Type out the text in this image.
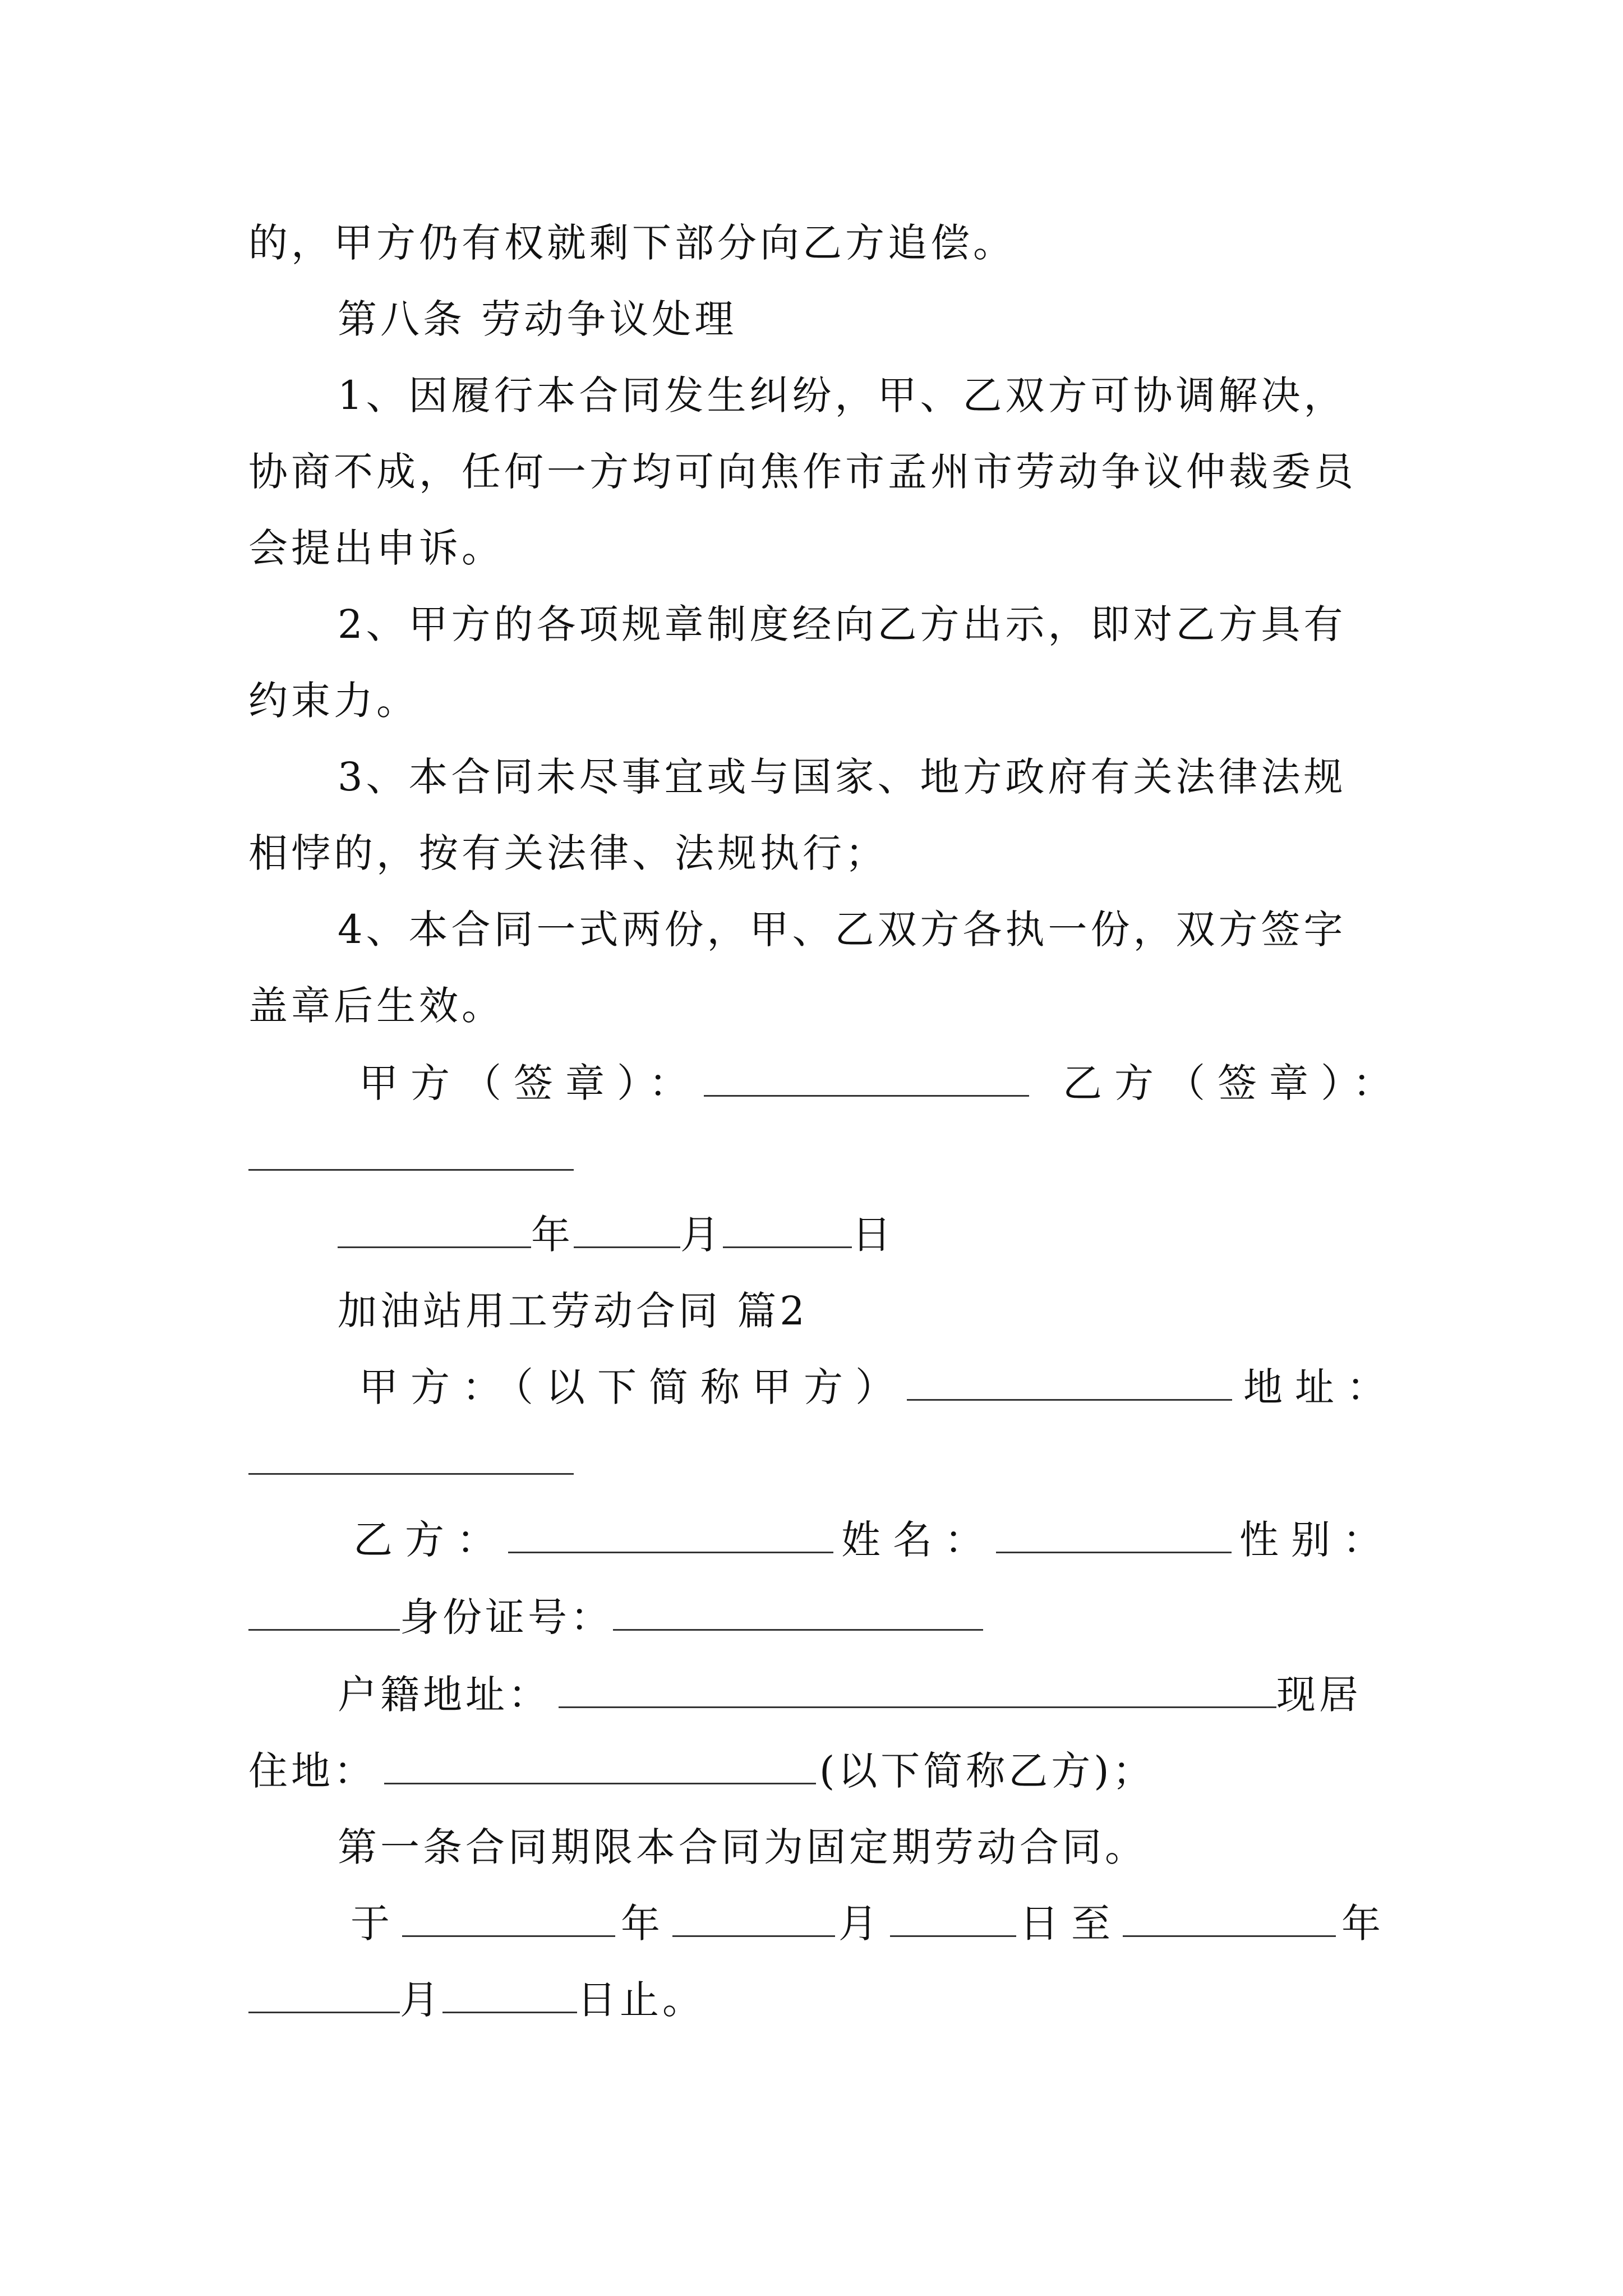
的，甲方仍有权就剩下部分向乙方追偿。
第八条 劳动争议处理
1、因履行本合同发生纠纷，甲、乙双方可协调解决，
协商不成，任何一方均可向焦作市孟州市劳动争议仲裁委员
会提出申诉。
2、甲方的各项规章制度经向乙方出示，即对乙方具有
约束力。
3、本合同未尽事宜或与国家、地方政府有关法律法规
相悖的，按有关法律、法规执行；
4、本合同一式两份，甲、乙双方各执一份，双方签字
盖章后生效。
甲方（签章）：	乙方（签章）：
年	月	日
加油站用工劳动合同 篇2
甲方：（以下简称甲方）	地址：
乙方：	姓名：	性别：
身份证号：
户籍地址：	现居
住地：	(以下简称乙方)；
第一条合同期限本合同为固定期劳动合同。
于	年	月	日至	年
月	日止。
